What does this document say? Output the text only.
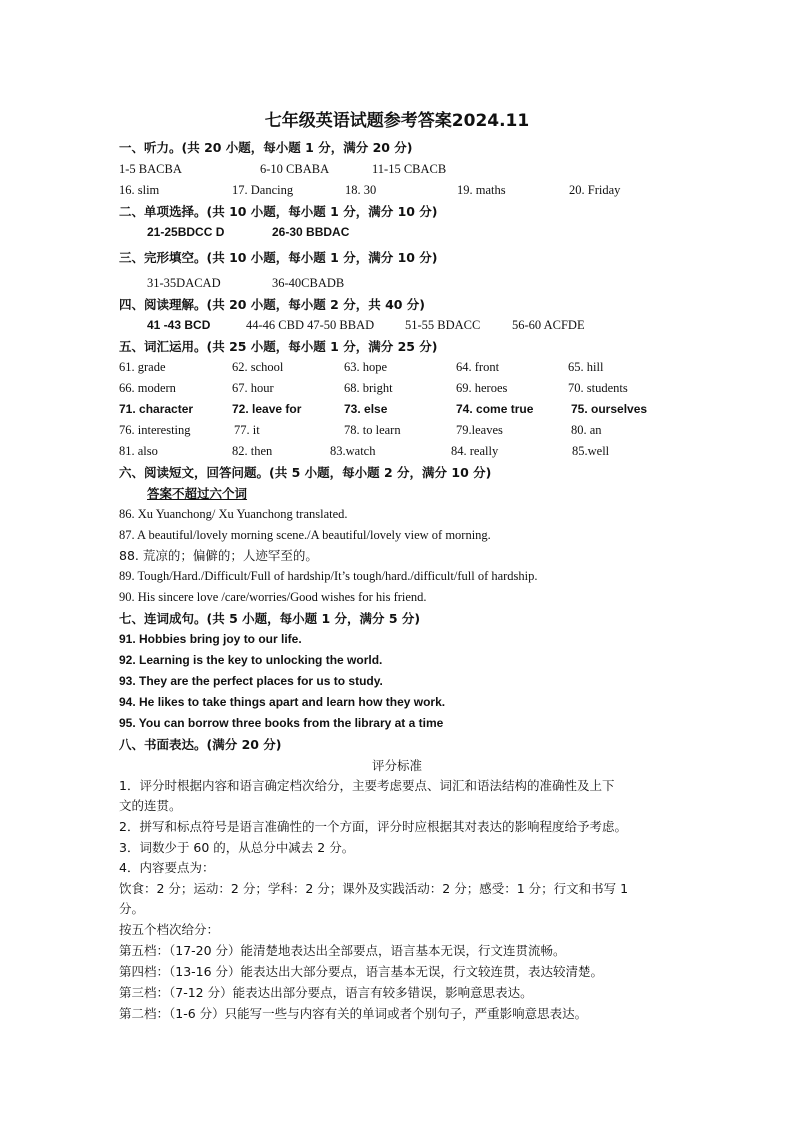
七年级英语试题参考答案2024.11
一、听力。(共 20 小题，每小题 1 分，满分 20 分)
1-5 BACBA	6-10 CBABA	11-15 CBACB
16. slim	17. Dancing	18. 30	19. maths	20. Friday
二、单项选择。(共 10 小题，每小题 1 分，满分 10 分)
21-25BDCC D	26-30 BBDAC
三、完形填空。(共 10 小题，每小题 1 分，满分 10 分)
31-35DACAD	36-40CBADB
四、阅读理解。(共 20 小题，每小题 2 分，共 40 分)
41 -43 BCD	44-46 CBD 47-50 BBAD 51-55 BDACC	56-60 ACFDE
五、词汇运用。(共 25 小题，每小题 1 分，满分 25 分)
61. grade	62. school	63. hope	64. front	65. hill
66. modern	67. hour	68. bright	69. heroes	70. students
71. character	72. leave for	73. else	74. come true	75. ourselves
76. interesting	77. it	78. to learn	79.leaves	80. an
81. also	82. then	83.watch	84. really	85.well
六、阅读短文，回答问题。(共 5 小题，每小题 2 分，满分 10 分)
答案不超过六个词
86. Xu Yuanchong/ Xu Yuanchong translated.
87. A beautiful/lovely morning scene./A beautiful/lovely view of morning.
88. 荒凉的；偏僻的；人迹罕至的。
89. Tough/Hard./Difficult/Full of hardship/It’s tough/hard./difficult/full of hardship.
90. His sincere love /care/worries/Good wishes for his friend.
七、连词成句。(共 5 小题，每小题 1 分，满分 5 分)
91. Hobbies bring joy to our life.
92. Learning is the key to unlocking the world.
93. They are the perfect places for us to study.
94. He likes to take things apart and learn how they work.
95. You can borrow three books from the library at a time
八、书面表达。(满分 20 分)
评分标准
1．评分时根据内容和语言确定档次给分，主要考虑要点、词汇和语法结构的准确性及上下
文的连贯。
2．拼写和标点符号是语言准确性的一个方面，评分时应根据其对表达的影响程度给予考虑。
3．词数少于 60 的，从总分中减去 2 分。
4．内容要点为：
饮食：2 分；运动：2 分；学科：2 分；课外及实践活动：2 分；感受：1 分；行文和书写 1
分。
按五个档次给分：
第五档：（17-20 分）能清楚地表达出全部要点，语言基本无误，行文连贯流畅。
第四档：（13-16 分）能表达出大部分要点，语言基本无误，行文较连贯，表达较清楚。
第三档：（7-12 分）能表达出部分要点，语言有较多错误，影响意思表达。
第二档：（1-6 分）只能写一些与内容有关的单词或者个别句子，严重影响意思表达。
